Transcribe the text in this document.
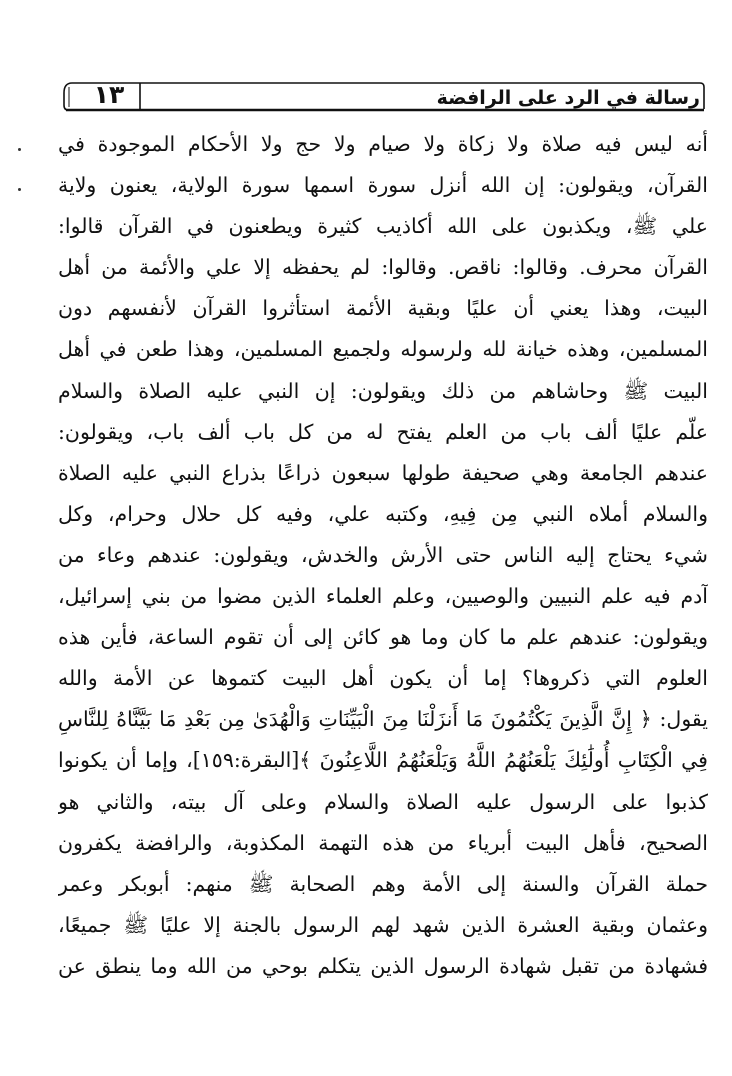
١٣	رسالة في الرد على الرافضة
أنه ليس فيه صلاة ولا زكاة ولا صيام ولا حج ولا الأحكام الموجودة في
القرآن، ويقولون: إن الله أنزل سورة اسمها سورة الولاية، يعنون ولاية
علي ﷺ، ويكذبون على الله أكاذيب كثيرة ويطعنون في القرآن قالوا:
القرآن محرف. وقالوا: ناقص. وقالوا: لم يحفظه إلا علي والأئمة من أهل
البيت، وهذا يعني أن عليًا وبقية الأئمة استأثروا القرآن لأنفسهم دون
المسلمين، وهذه خيانة لله ولرسوله ولجميع المسلمين، وهذا طعن في أهل
البيت ﷺ وحاشاهم من ذلك ويقولون: إن النبي عليه الصلاة والسلام
علّم عليًا ألف باب من العلم يفتح له من كل باب ألف باب، ويقولون:
عندهم الجامعة وهي صحيفة طولها سبعون ذراعًا بذراع النبي عليه الصلاة
والسلام أملاه النبي مِن فِيهِ، وكتبه علي، وفيه كل حلال وحرام، وكل
شيء يحتاج إليه الناس حتى الأرش والخدش، ويقولون: عندهم وعاء من
آدم فيه علم النبيين والوصيين، وعلم العلماء الذين مضوا من بني إسرائيل،
ويقولون: عندهم علم ما كان وما هو كائن إلى أن تقوم الساعة، فأين هذه
العلوم التي ذكروها؟ إما أن يكون أهل البيت كتموها عن الأمة والله
يقول: ﴿ إِنَّ الَّذِينَ يَكْتُمُونَ مَا أَنزَلْنَا مِنَ الْبَيِّنَاتِ وَالْهُدَىٰ مِن بَعْدِ مَا بَيَّنَّاهُ لِلنَّاسِ
فِي الْكِتَابِ أُولَٰئِكَ يَلْعَنُهُمُ اللَّهُ وَيَلْعَنُهُمُ اللَّاعِنُونَ ﴾[البقرة:١٥٩]، وإما أن يكونوا
كذبوا على الرسول عليه الصلاة والسلام وعلى آل بيته، والثاني هو
الصحيح، فأهل البيت أبرياء من هذه التهمة المكذوبة، والرافضة يكفرون
حملة القرآن والسنة إلى الأمة وهم الصحابة ﷺ منهم: أبوبكر وعمر
وعثمان وبقية العشرة الذين شهد لهم الرسول بالجنة إلا عليًا ﷺ جميعًا،
فشهادة من تقبل شهادة الرسول الذين يتكلم بوحي من الله وما ينطق عن
